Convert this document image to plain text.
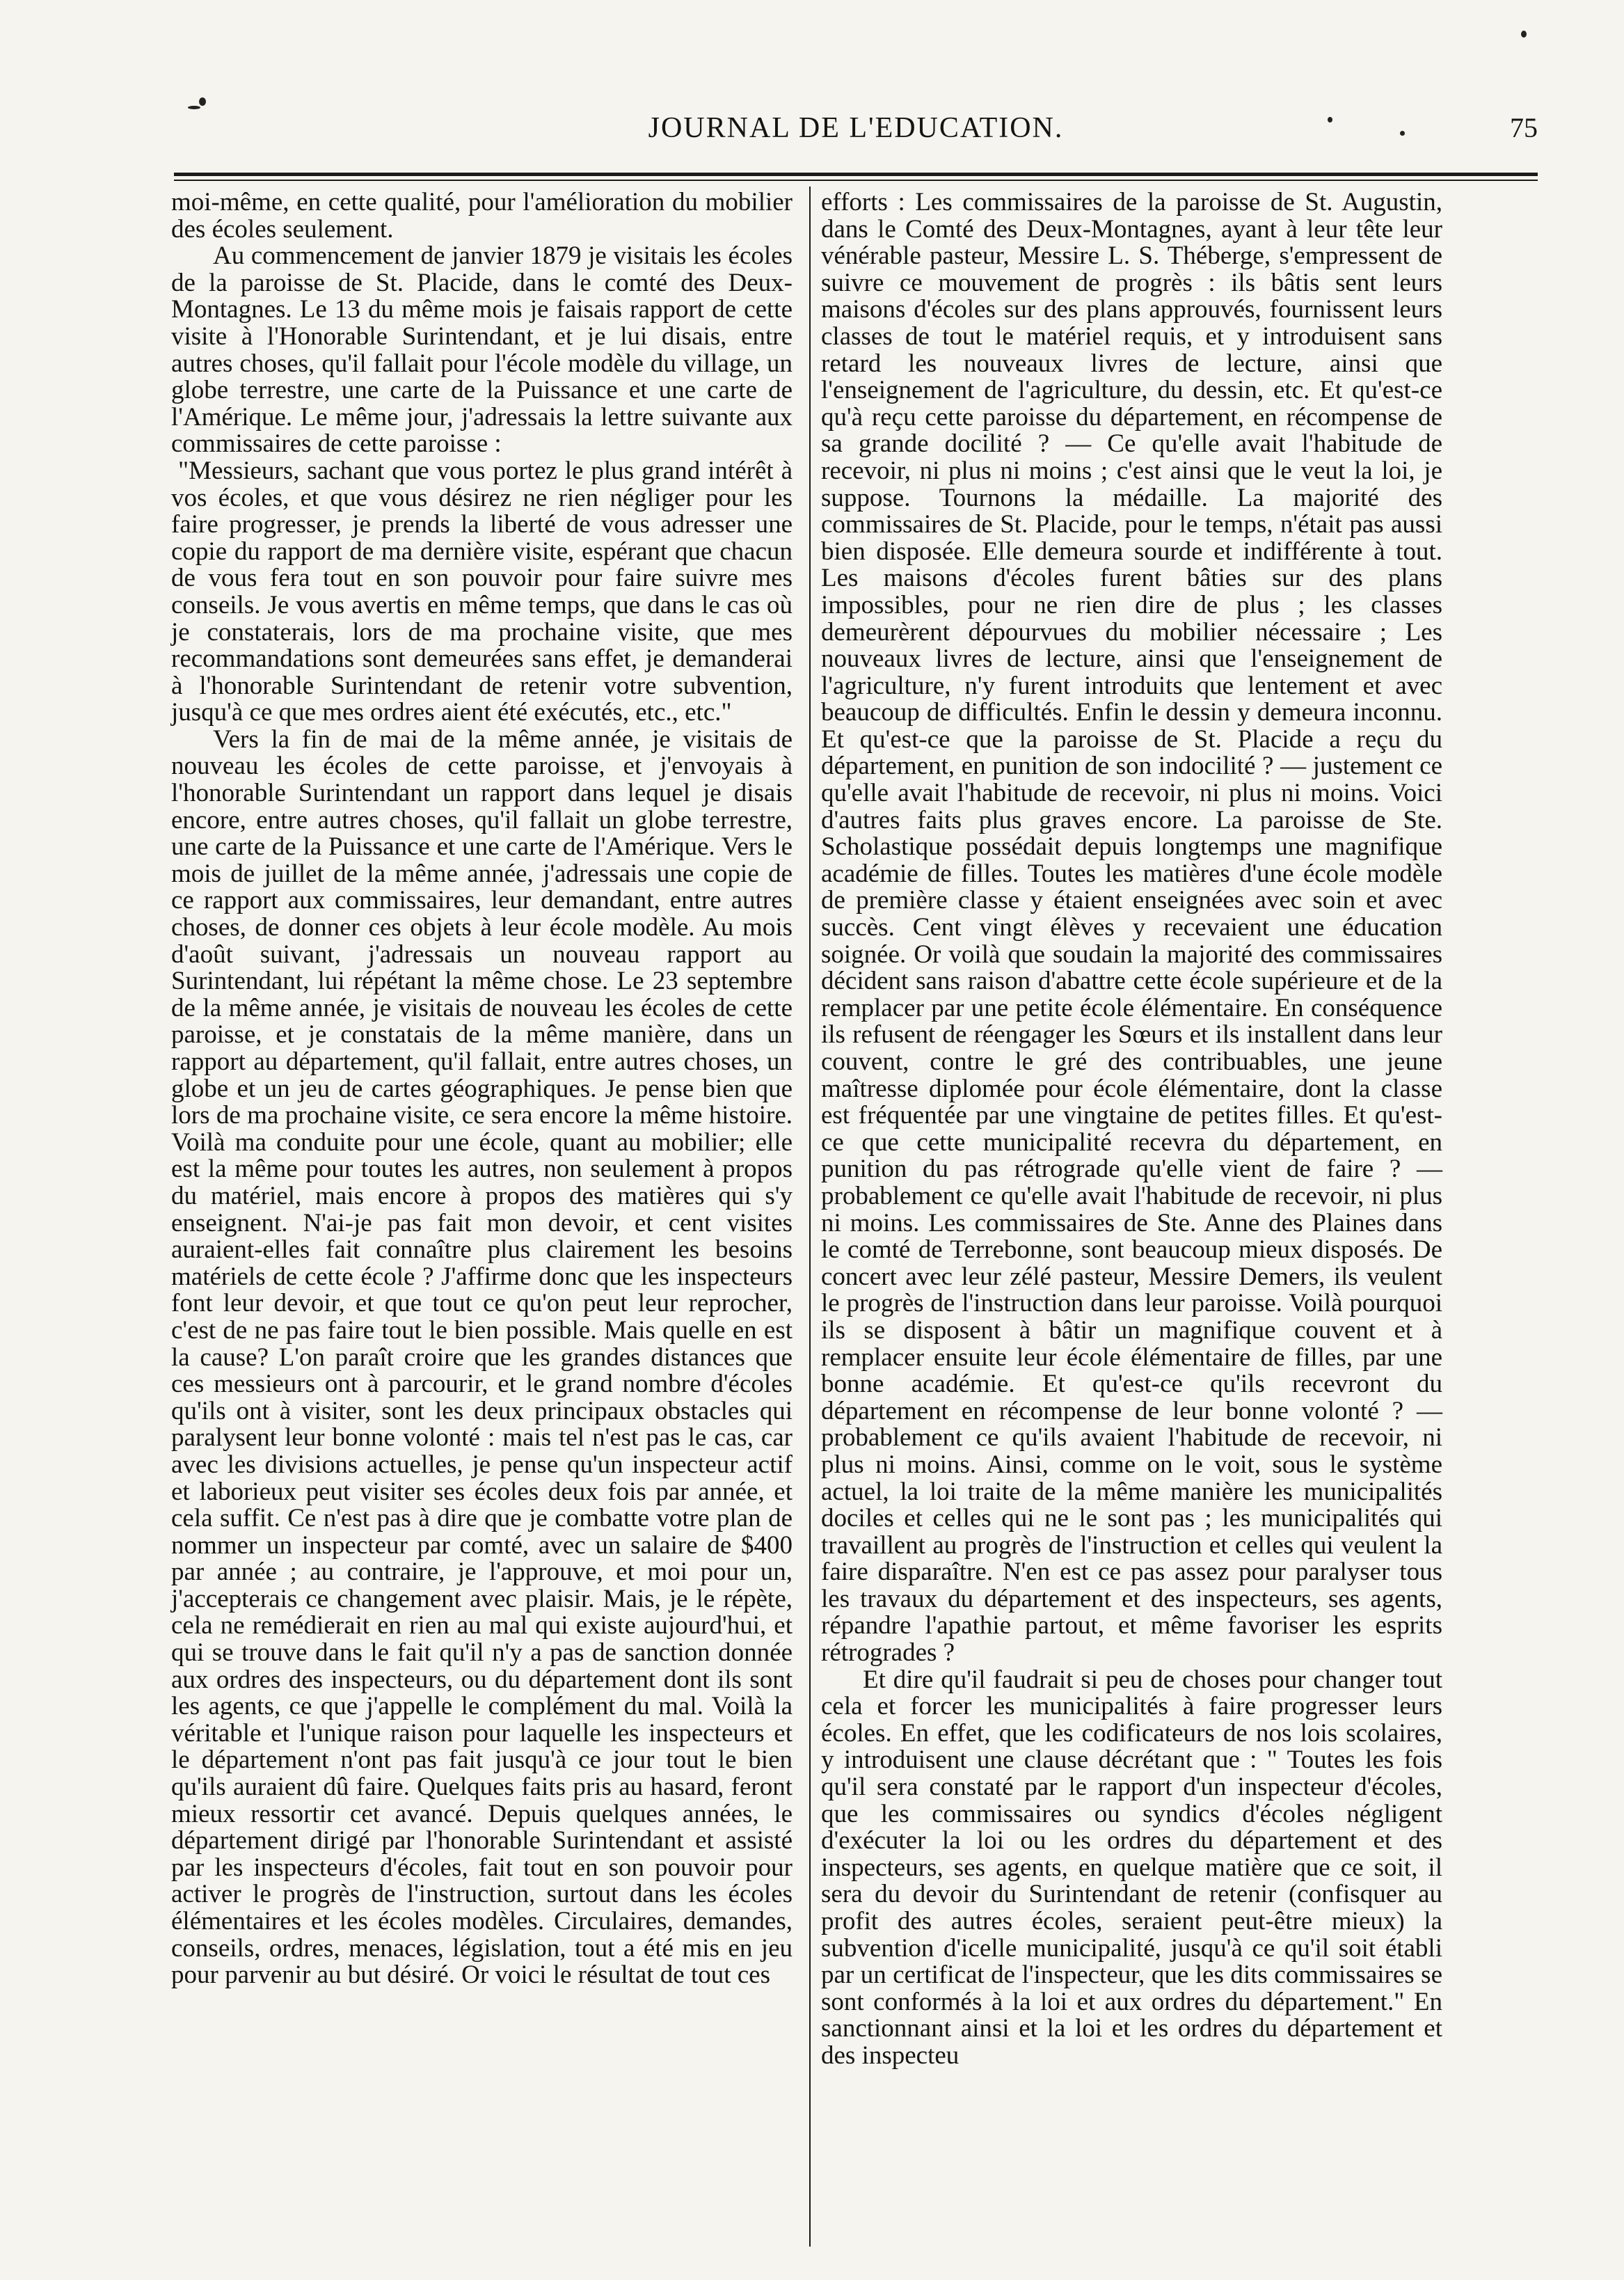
JOURNAL DE L'EDUCATION.	75

moi-même, en cette qualité, pour l'amélioration du mobilier des écoles seulement.

Au commencement de janvier 1879 je visitais les écoles de la paroisse de St. Placide, dans le comté des Deux-Montagnes. Le 13 du même mois je faisais rapport de cette visite à l'Honorable Surintendant, et je lui disais, entre autres choses, qu'il fallait pour l'école modèle du village, un globe terrestre, une carte de la Puissance et une carte de l'Amérique. Le même jour, j'adressais la lettre suivante aux commissaires de cette paroisse :

"Messieurs, sachant que vous portez le plus grand intérêt à vos écoles, et que vous désirez ne rien négliger pour les faire progresser, je prends la liberté de vous adresser une copie du rapport de ma dernière visite, espérant que chacun de vous fera tout en son pouvoir pour faire suivre mes conseils. Je vous avertis en même temps, que dans le cas où je constaterais, lors de ma prochaine visite, que mes recommandations sont demeurées sans effet, je demanderai à l'honorable Surintendant de retenir votre subvention, jusqu'à ce que mes ordres aient été exécutés, etc., etc."

Vers la fin de mai de la même année, je visitais de nouveau les écoles de cette paroisse, et j'envoyais à l'honorable Surintendant un rapport dans lequel je disais encore, entre autres choses, qu'il fallait un globe terrestre, une carte de la Puissance et une carte de l'Amérique. Vers le mois de juillet de la même année, j'adressais une copie de ce rapport aux commissaires, leur demandant, entre autres choses, de donner ces objets à leur école modèle. Au mois d'août suivant, j'adressais un nouveau rapport au Surintendant, lui répétant la même chose. Le 23 septembre de la même année, je visitais de nouveau les écoles de cette paroisse, et je constatais de la même manière, dans un rapport au département, qu'il fallait, entre autres choses, un globe et un jeu de cartes géographiques. Je pense bien que lors de ma prochaine visite, ce sera encore la même histoire. Voilà ma conduite pour une école, quant au mobilier; elle est la même pour toutes les autres, non seulement à propos du matériel, mais encore à propos des matières qui s'y enseignent. N'ai-je pas fait mon devoir, et cent visites auraient-elles fait connaître plus clairement les besoins matériels de cette école ? J'affirme donc que les inspecteurs font leur devoir, et que tout ce qu'on peut leur reprocher, c'est de ne pas faire tout le bien possible. Mais quelle en est la cause? L'on paraît croire que les grandes distances que ces messieurs ont à parcourir, et le grand nombre d'écoles qu'ils ont à visiter, sont les deux principaux obstacles qui paralysent leur bonne volonté : mais tel n'est pas le cas, car avec les divisions actuelles, je pense qu'un inspecteur actif et laborieux peut visiter ses écoles deux fois par année, et cela suffit. Ce n'est pas à dire que je combatte votre plan de nommer un inspecteur par comté, avec un salaire de $400 par année ; au contraire, je l'approuve, et moi pour un, j'accepterais ce changement avec plaisir. Mais, je le répète, cela ne remédierait en rien au mal qui existe aujourd'hui, et qui se trouve dans le fait qu'il n'y a pas de sanction donnée aux ordres des inspecteurs, ou du département dont ils sont les agents, ce que j'appelle le complément du mal. Voilà la véritable et l'unique raison pour laquelle les inspecteurs et le département n'ont pas fait jusqu'à ce jour tout le bien qu'ils auraient dû faire. Quelques faits pris au hasard, feront mieux ressortir cet avancé. Depuis quelques années, le département dirigé par l'honorable Surintendant et assisté par les inspecteurs d'écoles, fait tout en son pouvoir pour activer le progrès de l'instruction, surtout dans les écoles élémentaires et les écoles modèles. Circulaires, demandes, conseils, ordres, menaces, législation, tout a été mis en jeu pour parvenir au but désiré. Or voici le résultat de tout ces

efforts : Les commissaires de la paroisse de St. Augustin, dans le Comté des Deux-Montagnes, ayant à leur tête leur vénérable pasteur, Messire L. S. Théberge, s'empressent de suivre ce mouvement de progrès : ils bâtis sent leurs maisons d'écoles sur des plans approuvés, fournissent leurs classes de tout le matériel requis, et y introduisent sans retard les nouveaux livres de lecture, ainsi que l'enseignement de l'agriculture, du dessin, etc. Et qu'est-ce qu'à reçu cette paroisse du département, en récompense de sa grande docilité ? — Ce qu'elle avait l'habitude de recevoir, ni plus ni moins ; c'est ainsi que le veut la loi, je suppose. Tournons la médaille. La majorité des commissaires de St. Placide, pour le temps, n'était pas aussi bien disposée. Elle demeura sourde et indifférente à tout. Les maisons d'écoles furent bâties sur des plans impossibles, pour ne rien dire de plus ; les classes demeurèrent dépourvues du mobilier nécessaire ; Les nouveaux livres de lecture, ainsi que l'enseignement de l'agriculture, n'y furent introduits que lentement et avec beaucoup de difficultés. Enfin le dessin y demeura inconnu. Et qu'est-ce que la paroisse de St. Placide a reçu du département, en punition de son indocilité ? — justement ce qu'elle avait l'habitude de recevoir, ni plus ni moins. Voici d'autres faits plus graves encore. La paroisse de Ste. Scholastique possédait depuis longtemps une magnifique académie de filles. Toutes les matières d'une école modèle de première classe y étaient enseignées avec soin et avec succès. Cent vingt élèves y recevaient une éducation soignée. Or voilà que soudain la majorité des commissaires décident sans raison d'abattre cette école supérieure et de la remplacer par une petite école élémentaire. En conséquence ils refusent de réengager les Sœurs et ils installent dans leur couvent, contre le gré des contribuables, une jeune maîtresse diplomée pour école élémentaire, dont la classe est fréquentée par une vingtaine de petites filles. Et qu'est-ce que cette municipalité recevra du département, en punition du pas rétrograde qu'elle vient de faire ? — probablement ce qu'elle avait l'habitude de recevoir, ni plus ni moins. Les commissaires de Ste. Anne des Plaines dans le comté de Terrebonne, sont beaucoup mieux disposés. De concert avec leur zélé pasteur, Messire Demers, ils veulent le progrès de l'instruction dans leur paroisse. Voilà pourquoi ils se disposent à bâtir un magnifique couvent et à remplacer ensuite leur école élémentaire de filles, par une bonne académie. Et qu'est-ce qu'ils recevront du département en récompense de leur bonne volonté ? — probablement ce qu'ils avaient l'habitude de recevoir, ni plus ni moins. Ainsi, comme on le voit, sous le système actuel, la loi traite de la même manière les municipalités dociles et celles qui ne le sont pas ; les municipalités qui travaillent au progrès de l'instruction et celles qui veulent la faire disparaître. N'en est ce pas assez pour paralyser tous les travaux du département et des inspecteurs, ses agents, répandre l'apathie partout, et même favoriser les esprits rétrogrades ?

Et dire qu'il faudrait si peu de choses pour changer tout cela et forcer les municipalités à faire progresser leurs écoles. En effet, que les codificateurs de nos lois scolaires, y introduisent une clause décrétant que : " Toutes les fois qu'il sera constaté par le rapport d'un inspecteur d'écoles, que les commissaires ou syndics d'écoles négligent d'exécuter la loi ou les ordres du département et des inspecteurs, ses agents, en quelque matière que ce soit, il sera du devoir du Surintendant de retenir (confisquer au profit des autres écoles, seraient peut-être mieux) la subvention d'icelle municipalité, jusqu'à ce qu'il soit établi par un certificat de l'inspecteur, que les dits commissaires se sont conformés à la loi et aux ordres du département." En sanctionnant ainsi et la loi et les ordres du département et des inspecteu
